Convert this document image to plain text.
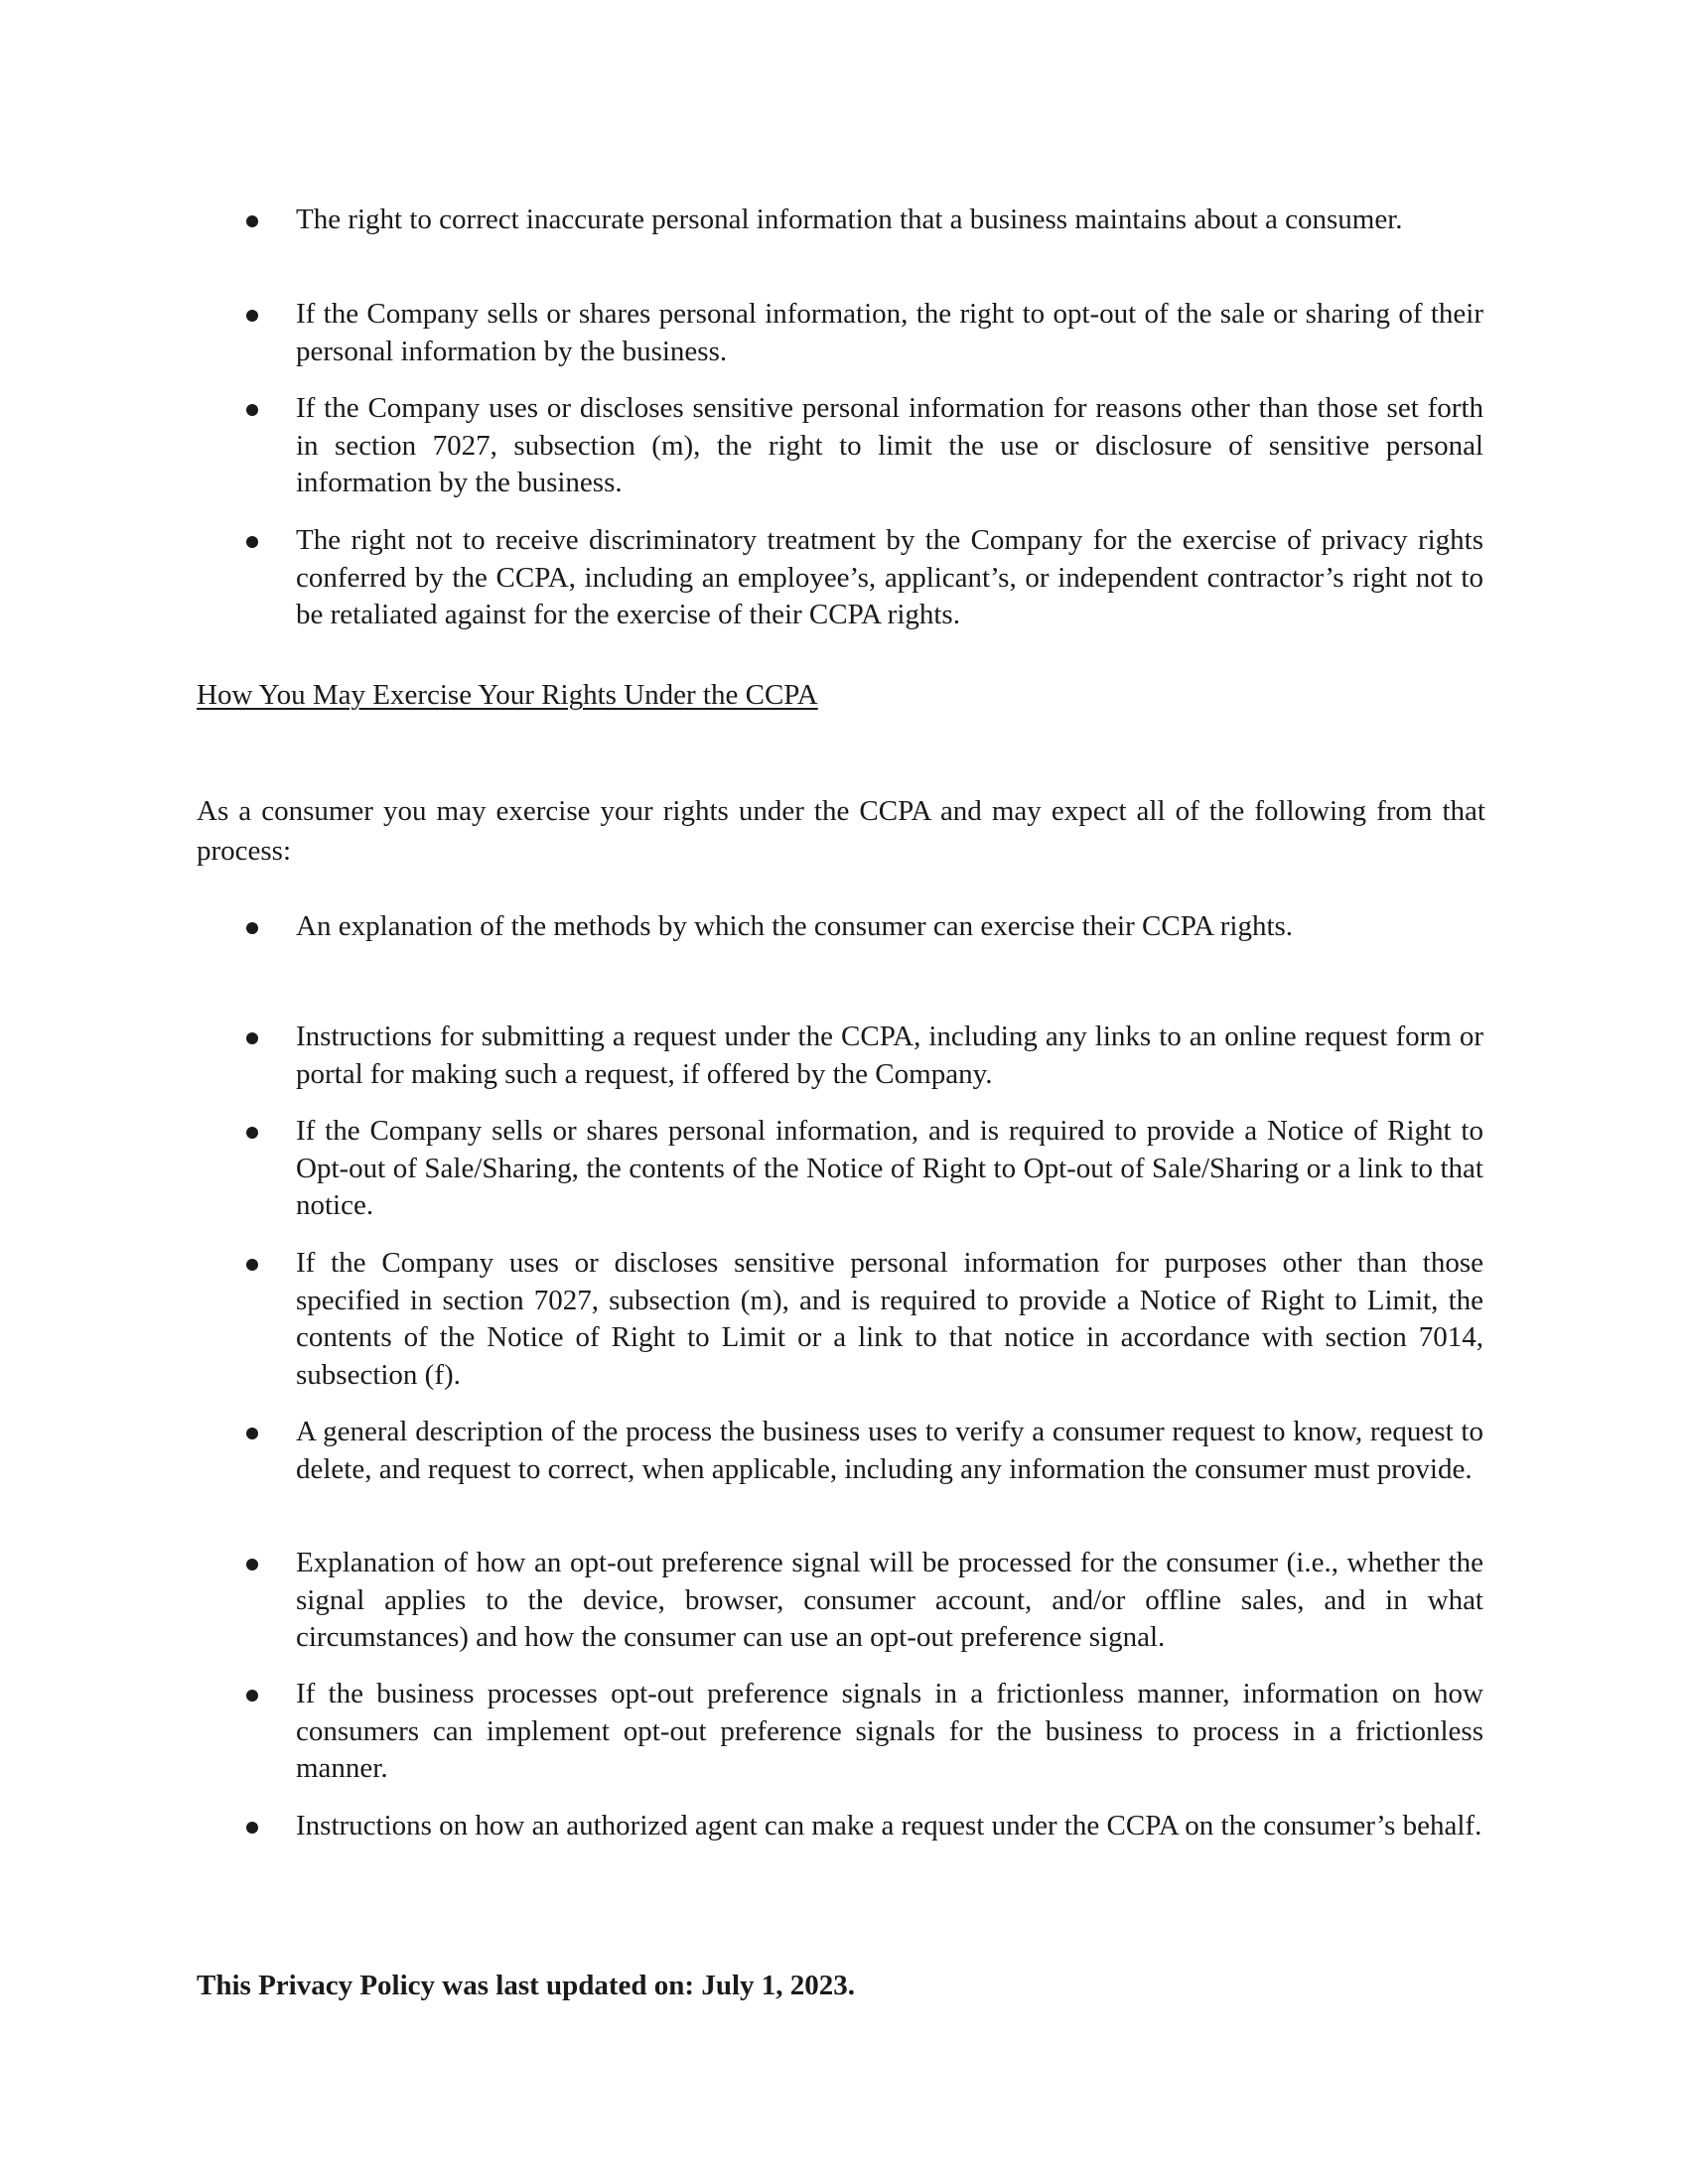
The right to correct inaccurate personal information that a business maintains about a consumer.
If the Company sells or shares personal information, the right to opt-out of the sale or sharing of their personal information by the business.
If the Company uses or discloses sensitive personal information for reasons other than those set forth in section 7027, subsection (m), the right to limit the use or disclosure of sensitive personal information by the business.
The right not to receive discriminatory treatment by the Company for the exercise of privacy rights conferred by the CCPA, including an employee’s, applicant’s, or independent contractor’s right not to be retaliated against for the exercise of their CCPA rights.
How You May Exercise Your Rights Under the CCPA
As a consumer you may exercise your rights under the CCPA and may expect all of the following from that process:
An explanation of the methods by which the consumer can exercise their CCPA rights.
Instructions for submitting a request under the CCPA, including any links to an online request form or portal for making such a request, if offered by the Company.
If the Company sells or shares personal information, and is required to provide a Notice of Right to Opt-out of Sale/Sharing, the contents of the Notice of Right to Opt-out of Sale/Sharing or a link to that notice.
If the Company uses or discloses sensitive personal information for purposes other than those specified in section 7027, subsection (m), and is required to provide a Notice of Right to Limit, the contents of the Notice of Right to Limit or a link to that notice in accordance with section 7014, subsection (f).
A general description of the process the business uses to verify a consumer request to know, request to delete, and request to correct, when applicable, including any information the consumer must provide.
Explanation of how an opt-out preference signal will be processed for the consumer (i.e., whether the signal applies to the device, browser, consumer account, and/or offline sales, and in what circumstances) and how the consumer can use an opt-out preference signal.
If the business processes opt-out preference signals in a frictionless manner, information on how consumers can implement opt-out preference signals for the business to process in a frictionless manner.
Instructions on how an authorized agent can make a request under the CCPA on the consumer’s behalf.
This Privacy Policy was last updated on: July 1, 2023.
